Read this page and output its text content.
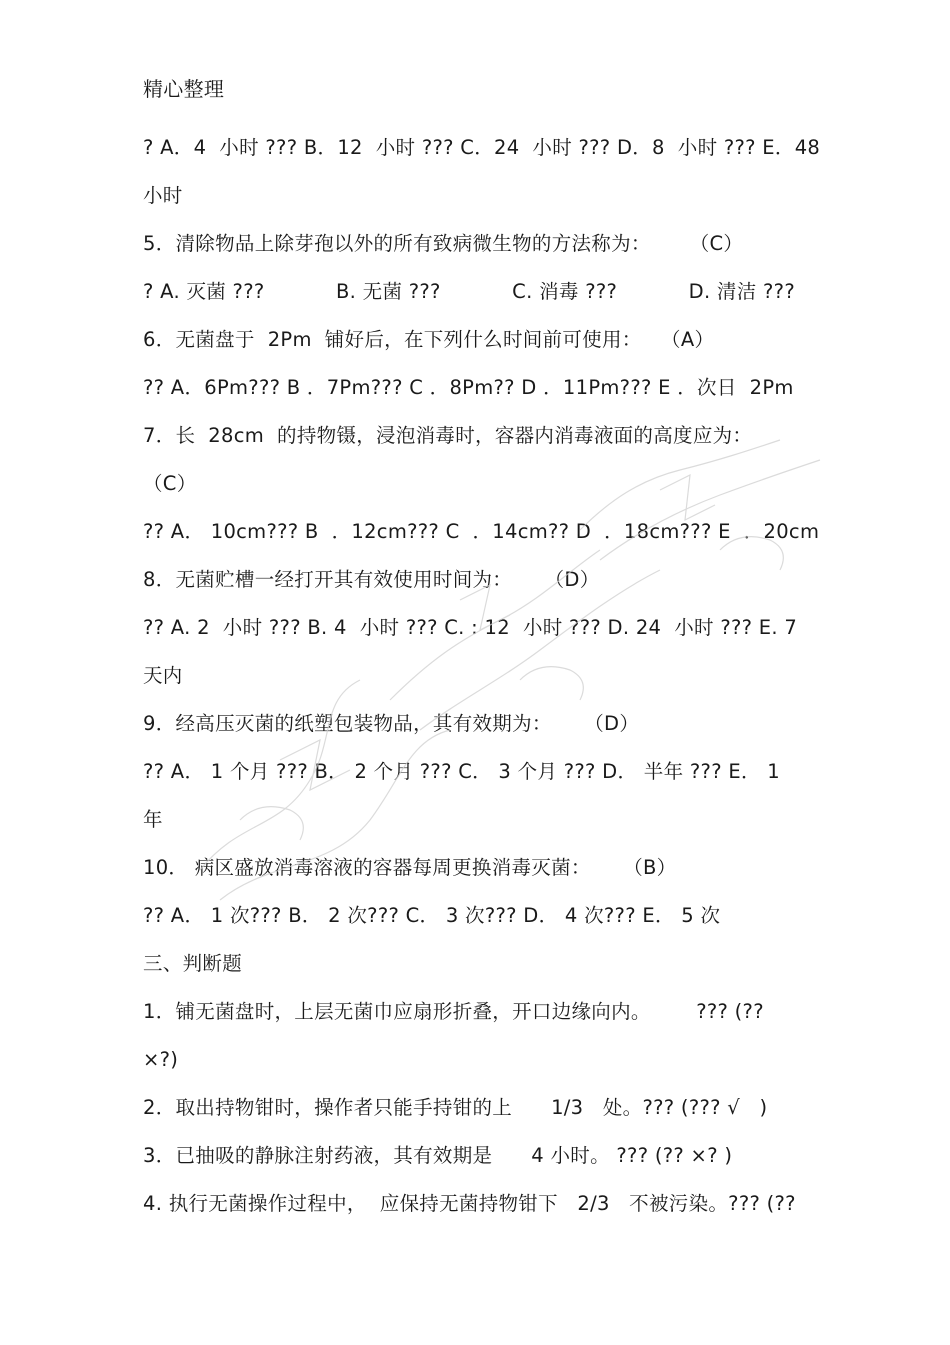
精心整理
? A．4  小时 ??? B．12  小时 ??? C．24  小时 ??? D．8  小时 ??? E．48
小时
5．清除物品上除芽孢以外的所有致病微生物的方法称为：      （C）
? A. 灭菌 ???           B. 无菌 ???           C. 消毒 ???           D. 清洁 ???
6．无菌盘于  2Pm  铺好后，在下列什么时间前可使用：   （A）
?? A．6Pm??? B ．7Pm??? C ．8Pm?? D ．11Pm??? E ．次日  2Pm
7．长  28cm  的持物镊，浸泡消毒时，容器内消毒液面的高度应为：
（C）
?? A． 10cm??? B  ．12cm??? C  ．14cm?? D  ．18cm??? E  ．20cm
8．无菌贮槽一经打开其有效使用时间为：     （D）
?? A. 2  小时 ??? B. 4  小时 ??? C. : 12  小时 ??? D. 24  小时 ??? E. 7
天内
9．经高压灭菌的纸塑包装物品，其有效期为：     （D）
?? A． 1 个月 ??? B． 2 个月 ??? C． 3 个月 ??? D． 半年 ??? E． 1
年
10． 病区盛放消毒溶液的容器每周更换消毒灭菌：     （B）
?? A． 1 次??? B． 2 次??? C． 3 次??? D． 4 次??? E． 5 次
三、判断题
1．铺无菌盘时，上层无菌巾应扇形折叠，开口边缘向内。       ??? (??
×?)
2．取出持物钳时，操作者只能手持钳的上      1/3   处。??? (??? √   )
3．已抽吸的静脉注射药液，其有效期是      4 小时。 ??? (?? ×? )
4. 执行无菌操作过程中，  应保持无菌持物钳下   2/3   不被污染。??? (??
